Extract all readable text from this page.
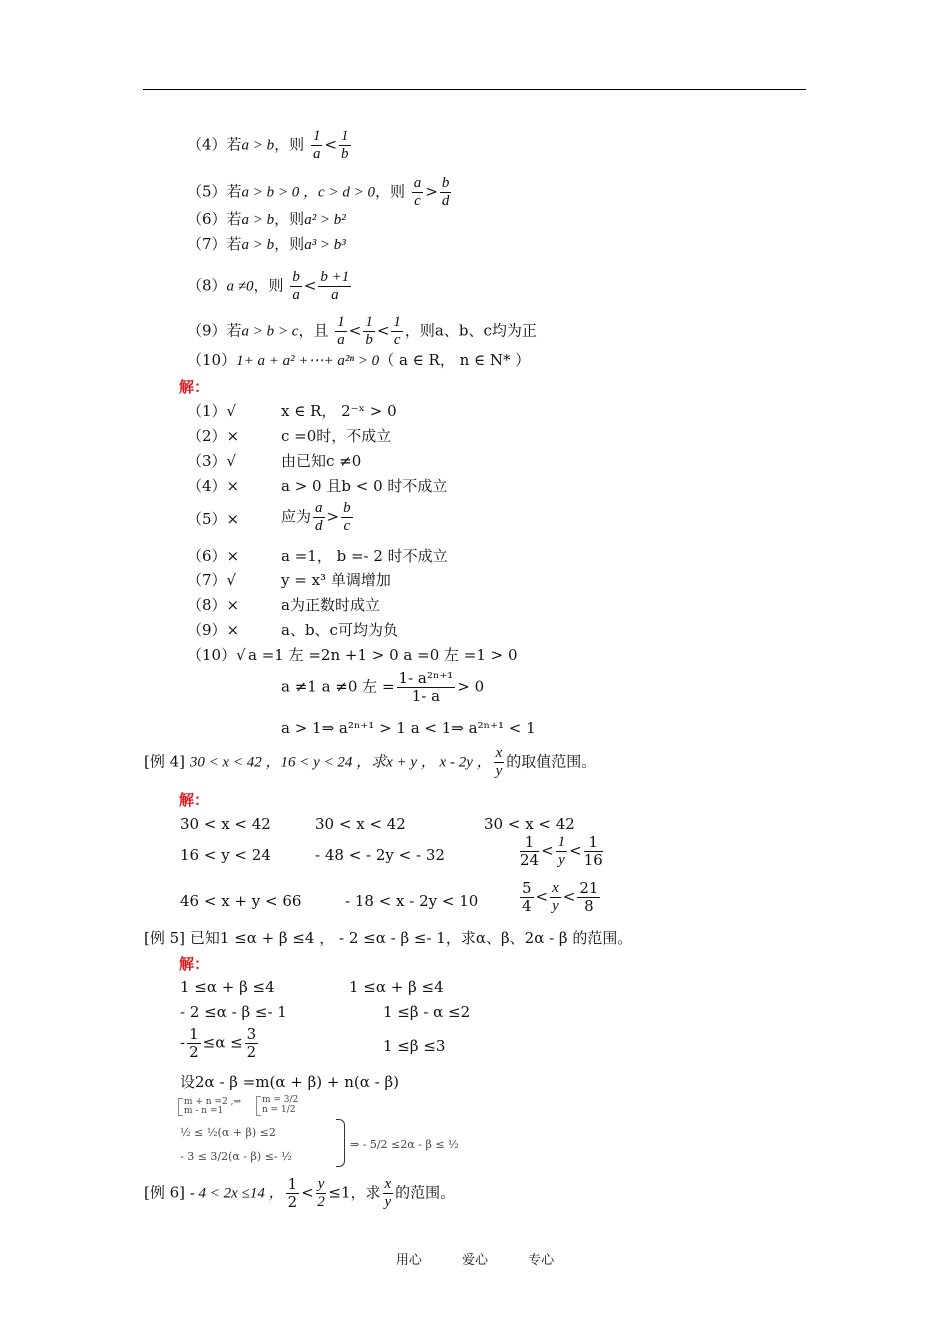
（4）若a > b，则 $\frac{1}{a} < \frac{1}{b}$
（5）若a > b > 0 ，c > d > 0，则 $\frac{a}{c} > \frac{b}{d}$
（6）若a > b，则a² > b²
（7）若a > b，则a³ > b³
（8）a ≠0，则 $\frac{b}{a} < \frac{b +1}{a}$
（9）若a > b > c，且 $\frac{1}{a} < \frac{1}{b} < \frac{1}{c}$ ，则a、b、c均为正
（10）1+ a + a² +⋯+ a²ⁿ > 0（ a ∈ R， n ∈ N* ）
解：
（1）√	x ∈ R， 2⁻ˣ > 0
（2）×	c =0时，不成立
（3）√	由已知c ≠0
（4）×	a > 0 且b < 0 时不成立
（5）×	应为 $\frac{a}{d} > \frac{b}{c}$
（6）×	a =1， b =- 2 时不成立
（7）√	y = x³ 单调增加
（8）×	a为正数时成立
（9）×	a、b、c可均为负
（10）√ a =1 左 =2n +1 > 0 a =0 左 =1 > 0
a ≠1 a ≠0 左 = $\frac{\text{1- a²ⁿ⁺¹}}{1- a} > 0$
a > 1⇒ a²ⁿ⁺¹ > 1 a < 1⇒ a²ⁿ⁺¹ < 1
[例 4] 30 < x < 42 ，16 < y < 24 ，求x + y ， x - 2y ， $\frac{x}{y}$ 的取值范围。
解：
30 < x < 42	30 < x < 42	30 < x < 42
16 < y < 24	- 48 < - 2y < - 32	$\frac{1}{24} < \frac{1}{y} < \frac{1}{16}$
46 < x + y < 66	- 18 < x - 2y < 10	$\frac{5}{4} < \frac{x}{y} < \frac{21}{8}$
[例 5] 已知1 ≤α + β ≤4 ， - 2 ≤α - β ≤- 1，求α、β、2α - β 的范围。
解：
1 ≤α + β ≤4	1 ≤α + β ≤4
- 2 ≤α - β ≤- 1	1 ≤β - α ≤2
- $\frac{1}{2} \le\alpha \le \frac{3}{2}$	1 ≤β ≤3
设2α - β =m(α + β) + n(α - β)
m + n =2 ,⇒
m - n =1
m = 3/2
n = 1/2
½ ≤ ½(α + β) ≤2
- 3 ≤ 3/2(α - β) ≤- ½
⇒ - 5/2 ≤2α - β ≤ ½
[例 6] - 4 < 2x ≤14 ， $\frac{1}{2} < \frac{y}{2} \le 1$，求 $\frac{x}{y}$ 的范围。
用心	爱心	专心
